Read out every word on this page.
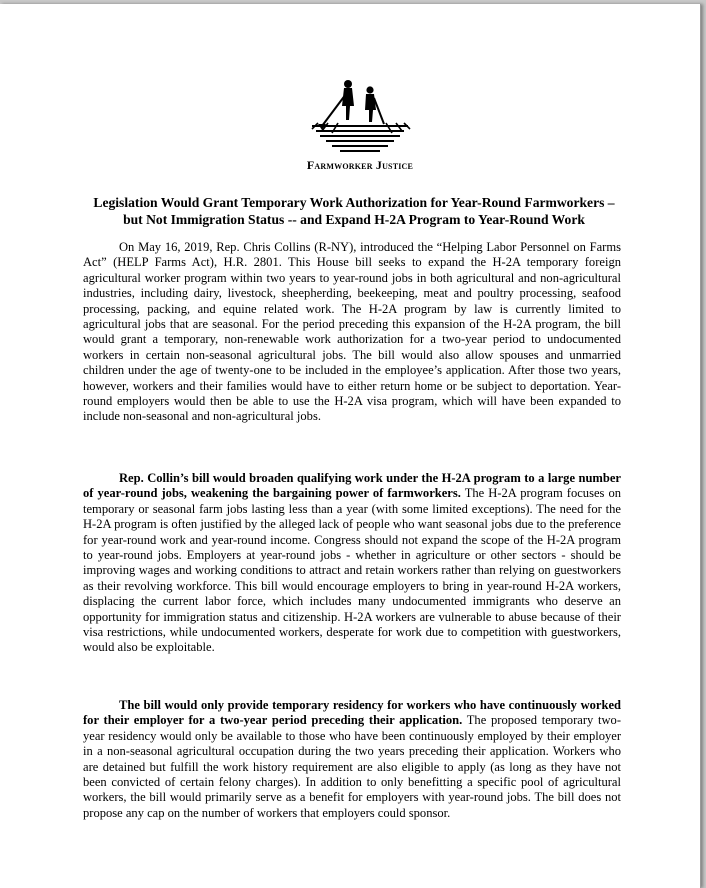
Farmworker Justice
Legislation Would Grant Temporary Work Authorization for Year-Round Farmworkers –
but Not Immigration Status -- and Expand H-2A Program to Year-Round Work

On May 16, 2019, Rep. Chris Collins (R-NY), introduced the “Helping Labor Personnel on Farms Act” (HELP Farms Act), H.R. 2801. This House bill seeks to expand the H-2A temporary foreign agricultural worker program within two years to year-round jobs in both agricultural and non-agricultural industries, including dairy, livestock, sheepherding, beekeeping, meat and poultry processing, seafood processing, packing, and equine related work. The H-2A program by law is currently limited to agricultural jobs that are seasonal. For the period preceding this expansion of the H-2A program, the bill would grant a temporary, non-renewable work authorization for a two-year period to undocumented workers in certain non-seasonal agricultural jobs. The bill would also allow spouses and unmarried children under the age of twenty-one to be included in the employee’s application. After those two years, however, workers and their families would have to either return home or be subject to deportation. Year-round employers would then be able to use the H-2A visa program, which will have been expanded to include non-seasonal and non-agricultural jobs.

Rep. Collin’s bill would broaden qualifying work under the H-2A program to a large number of year-round jobs, weakening the bargaining power of farmworkers. The H-2A program focuses on temporary or seasonal farm jobs lasting less than a year (with some limited exceptions). The need for the H-2A program is often justified by the alleged lack of people who want seasonal jobs due to the preference for year-round work and year-round income. Congress should not expand the scope of the H-2A program to year-round jobs. Employers at year-round jobs - whether in agriculture or other sectors - should be improving wages and working conditions to attract and retain workers rather than relying on guestworkers as their revolving workforce. This bill would encourage employers to bring in year-round H-2A workers, displacing the current labor force, which includes many undocumented immigrants who deserve an opportunity for immigration status and citizenship. H-2A workers are vulnerable to abuse because of their visa restrictions, while undocumented workers, desperate for work due to competition with guestworkers, would also be exploitable.

The bill would only provide temporary residency for workers who have continuously worked for their employer for a two-year period preceding their application. The proposed temporary two-year residency would only be available to those who have been continuously employed by their employer in a non-seasonal agricultural occupation during the two years preceding their application. Workers who are detained but fulfill the work history requirement are also eligible to apply (as long as they have not been convicted of certain felony charges). In addition to only benefitting a specific pool of agricultural workers, the bill would primarily serve as a benefit for employers with year-round jobs. The bill does not propose any cap on the number of workers that employers could sponsor.
